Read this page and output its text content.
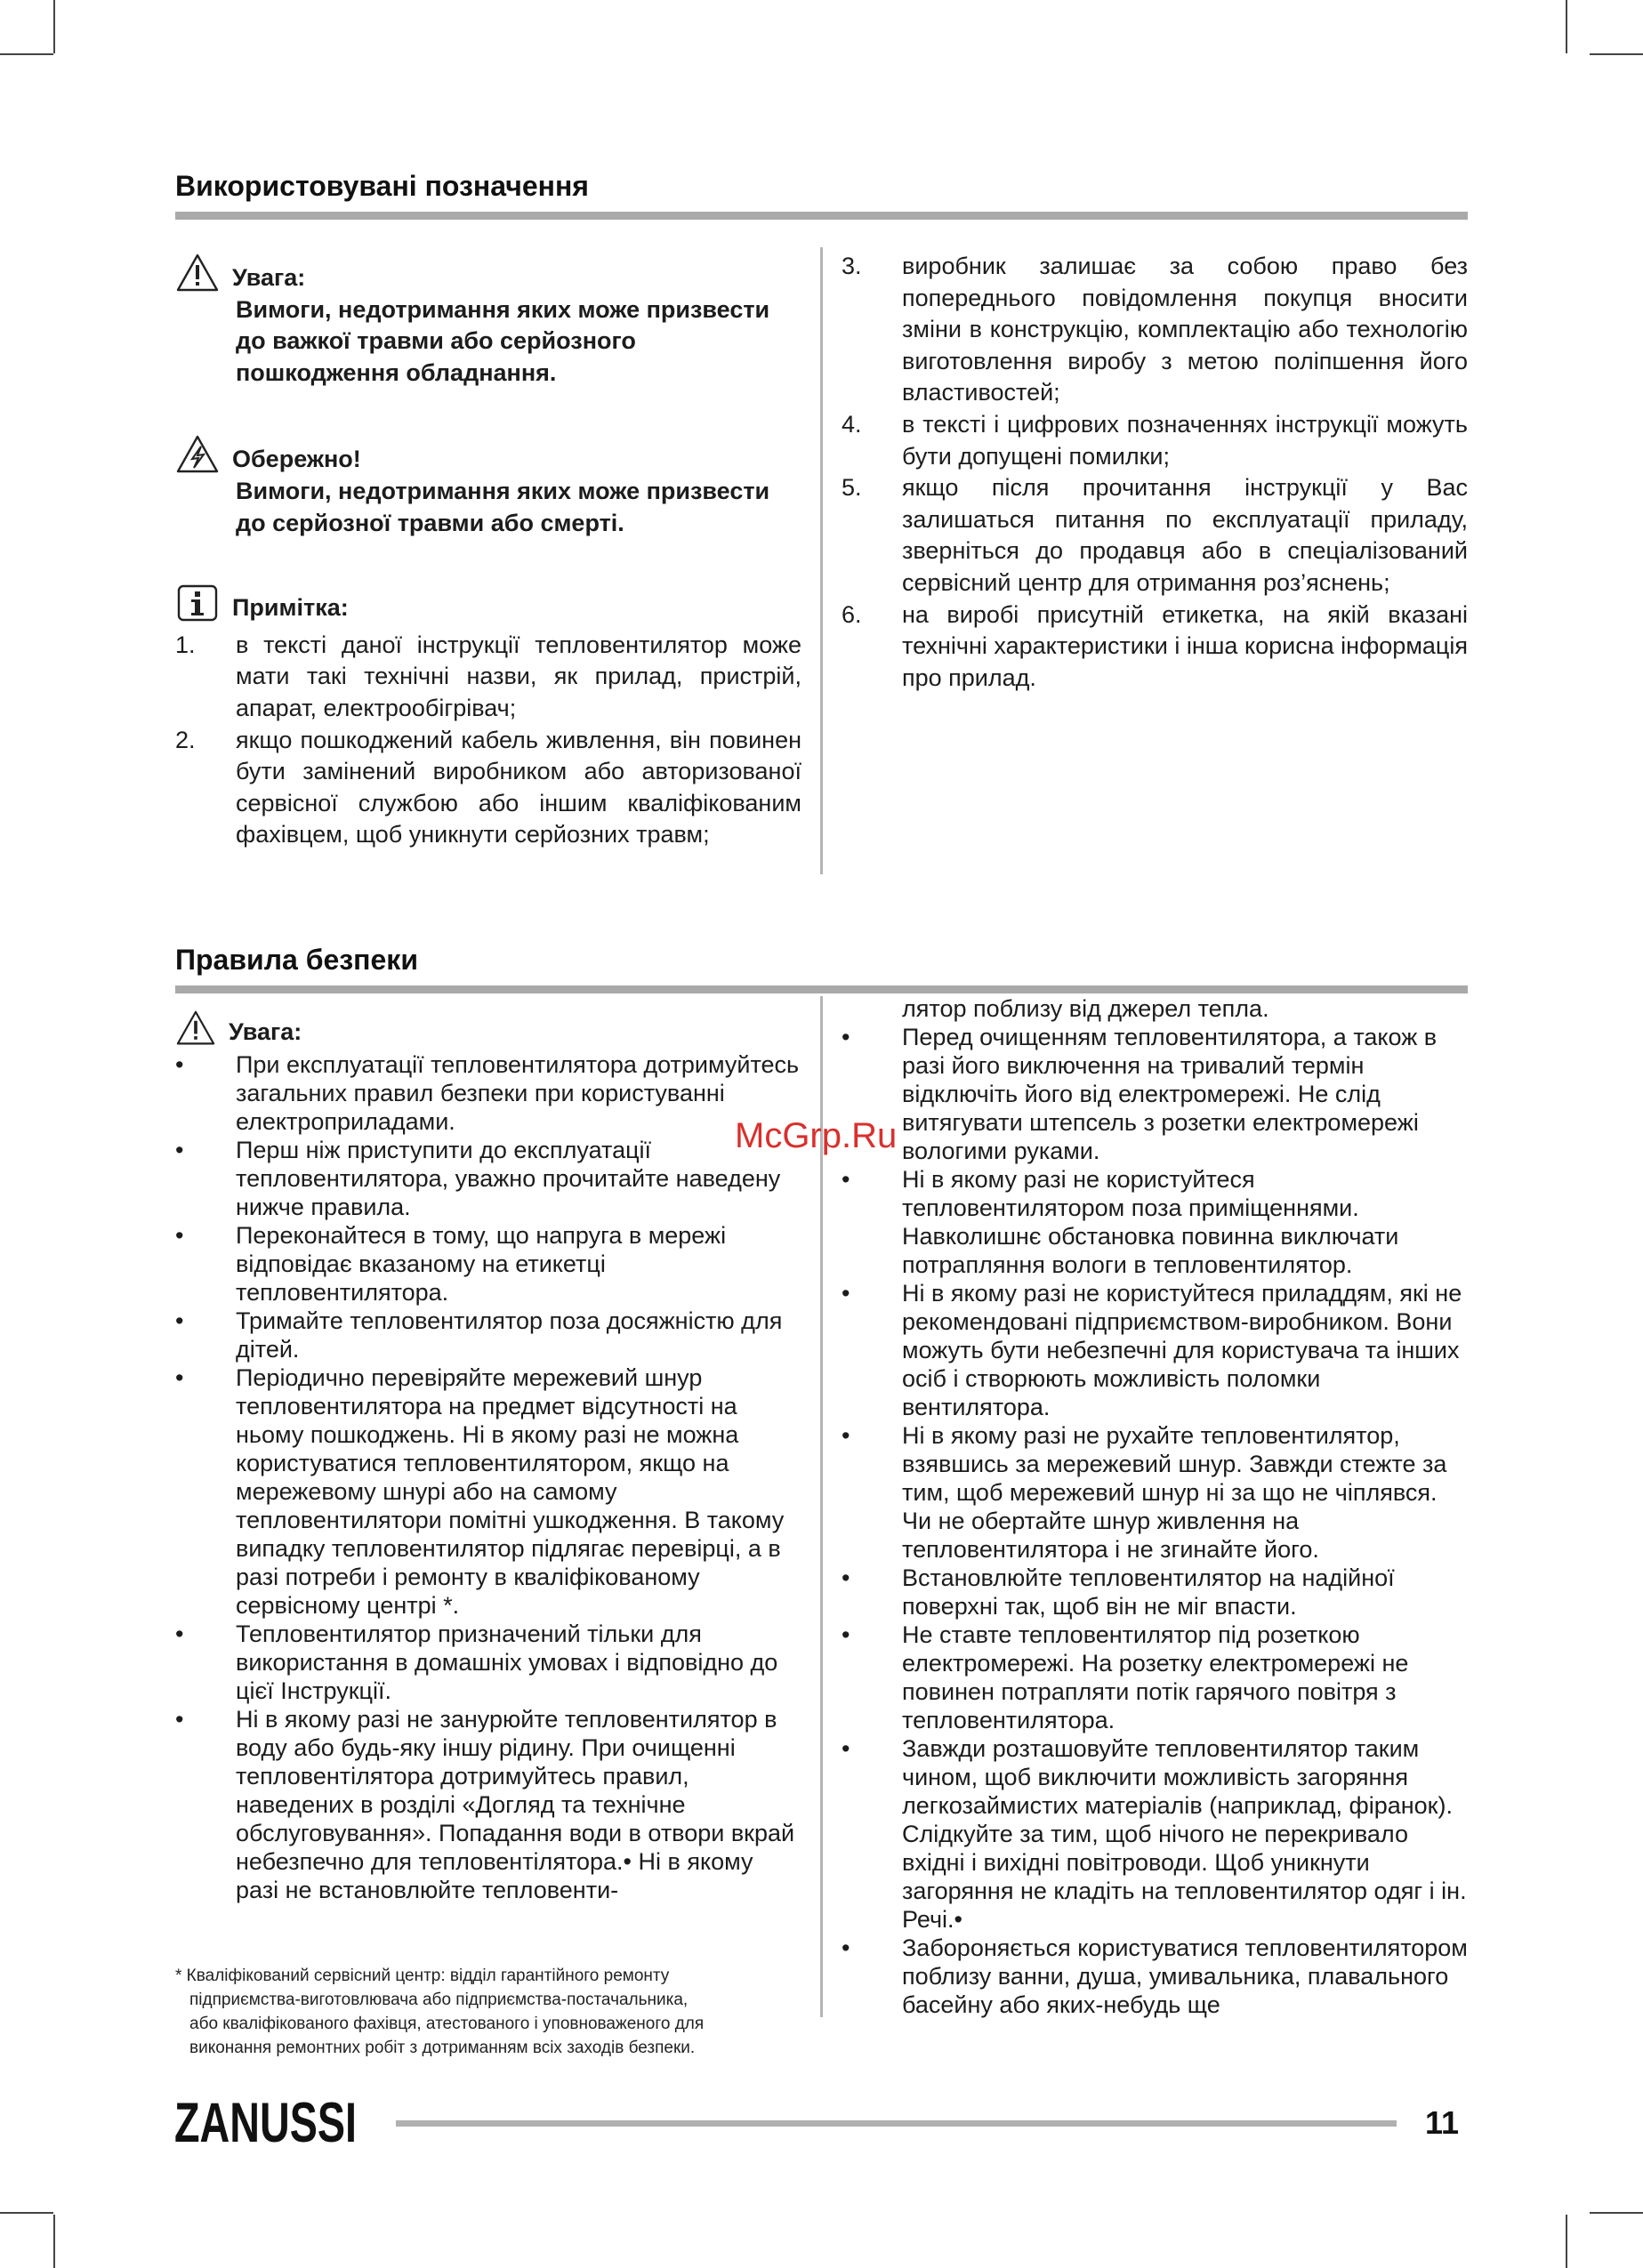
Використовувані позначення
Увага:

Вимоги, недотримання яких може призвести до важкої травми або серйозного пошкодження обладнання.

Обережно!

Вимоги, недотримання яких може призвести до серйозної травми або смерті.

Примітка:
1.	в тексті даної інструкції тепловентилятор може мати такі технічні назви, як прилад, пристрій, апарат, електрообігрівач;
2.	якщо пошкоджений кабель живлення, він повинен бути замінений виробником або авторизованої сервісної службою або іншим кваліфікованим фахівцем, щоб уникнути серйозних травм;
3.	виробник залишає за собою право без попереднього повідомлення покупця вносити зміни в конструкцію, комплектацію або технологію виготовлення виробу з метою поліпшення його властивостей;
4.	в тексті і цифрових позначеннях інструкції можуть бути допущені помилки;
5.	якщо після прочитання інструкції у Вас залишаться питання по експлуатації приладу, зверніться до продавця або в спеціалізований сервісний центр для отримання роз’яснень;
6.	на виробі присутній етикетка, на якій вказані технічні характеристики і інша корисна інформація про прилад.
Правила безпеки
Увага:
•	При експлуатації тепловентилятора дотримуйтесь загальних правил безпеки при користуванні електроприладами.
•	Перш ніж приступити до експлуатації тепловентилятора, уважно прочитайте наведену нижче правила.
•	Переконайтеся в тому, що напруга в мережі відповідає вказаному на етикетці тепловентилятора.
•	Тримайте тепловентилятор поза досяжністю для дітей.
•	Періодично перевіряйте мережевий шнур тепловентилятора на предмет відсутності на ньому пошкоджень. Ні в якому разі не можна користуватися тепловентилятором, якщо на мережевому шнурі або на самому тепловентилятори помітні ушкодження. В такому випадку тепловентилятор підлягає перевірці, а в разі потреби і ремонту в кваліфікованому сервісному центрі *.
•	Тепловентилятор призначений тільки для використання в домашніх умовах і відповідно до цієї Інструкції.
•	Ні в якому разі не занурюйте тепловентилятор в воду або будь-яку іншу рідину. При очищенні тепловентілятора дотримуйтесь правил, наведених в розділі «Догляд та технічне обслуговування». Попадання води в отвори вкрай небезпечно для тепловентілятора.• Ні в якому разі не встановлюйте тепловенти-

лятор поблизу від джерел тепла.

•	Перед очищенням тепловентилятора, а також в разі його виключення на тривалий термін відключіть його від електромережі. Не слід витягувати штепсель з розетки електромережі вологими руками.
•	Ні в якому разі не користуйтеся тепловентилятором поза приміщеннями. Навколишнє обстановка повинна виключати потрапляння вологи в тепловентилятор.
•	Ні в якому разі не користуйтеся приладдям, які не рекомендовані підприємством-виробником. Вони можуть бути небезпечні для користувача та інших осіб і створюють можливість поломки вентилятора.
•	Ні в якому разі не рухайте тепловентилятор, взявшись за мережевий шнур. Завжди стежте за тим, щоб мережевий шнур ні за що не чіплявся. Чи не обертайте шнур живлення на тепловентилятора і не згинайте його.
•	Встановлюйте тепловентилятор на надійної поверхні так, щоб він не міг впасти.
•	Не ставте тепловентилятор під розеткою електромережі. На розетку електромережі не повинен потрапляти потік гарячого повітря з тепловентилятора.
•	Завжди розташовуйте тепловентилятор таким чином, щоб виключити можливість загоряння легкозаймистих матеріалів (наприклад, фіранок). Слідкуйте за тим, щоб нічого не перекривало вхідні і вихідні повітроводи. Щоб уникнути загоряння не кладіть на тепловентилятор одяг і ін. Речі.•
•	Забороняється користуватися тепловентилятором поблизу ванни, душа, умивальника, плавального басейну або яких-небудь ще

* Кваліфікований сервісний центр: відділ гарантійного ремонту

підприємства-виготовлювача або підприємства-постачальника,

або кваліфікованого фахівця, атестованого і уповноваженого для

виконання ремонтних робіт з дотриманням всіх заходів безпеки.

McGrp.Ru
ZANUSSI	11
